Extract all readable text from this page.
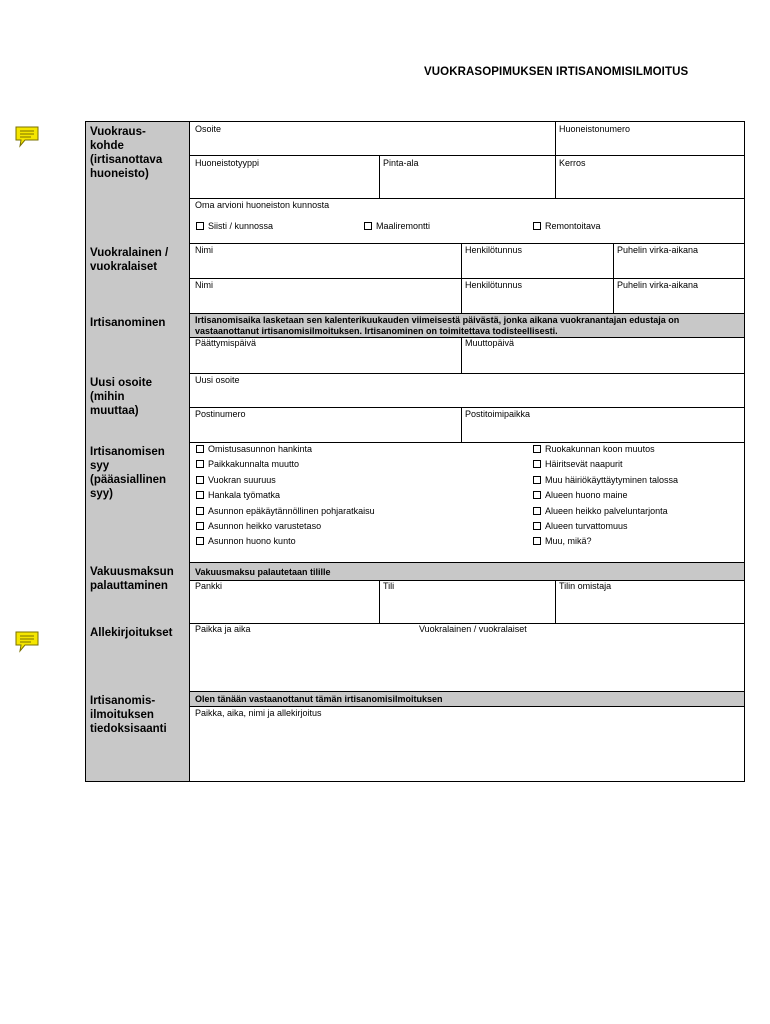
VUOKRASOPIMUKSEN IRTISANOMISILMOITUS
Vuokraus-
kohde
(irtisanottava
huoneisto)
Osoite	Huoneistonumero
Huoneistotyyppi	Pinta-ala	Kerros
Oma arvioni huoneiston kunnosta
Siisti / kunnossa	Maaliremontti	Remontoitava
Vuokralainen /
vuokralaiset
Nimi	Henkilötunnus	Puhelin virka-aikana
Nimi	Henkilötunnus	Puhelin virka-aikana
Irtisanominen	Irtisanomisaika lasketaan sen kalenterikuukauden viimeisestä päivästä, jonka aikana vuokranantajan edustaja on vastaanottanut irtisanomisilmoituksen. Irtisanominen on toimitettava todisteellisesti.
Päättymispäivä	Muuttopäivä
Uusi osoite
(mihin
muuttaa)
Uusi osoite
Postinumero	Postitoimipaikka
Irtisanomisen
syy
(pääasiallinen
syy)
Omistusasunnon hankinta
Paikkakunnalta muutto
Vuokran suuruus
Hankala työmatka
Asunnon epäkäytännöllinen pohjaratkaisu
Asunnon heikko varustetaso
Asunnon huono kunto
Ruokakunnan koon muutos
Häiritsevät naapurit
Muu häiriökäyttäytyminen talossa
Alueen huono maine
Alueen heikko palveluntarjonta
Alueen turvattomuus
Muu, mikä?
Vakuusmaksun
palauttaminen
Vakuusmaksu palautetaan tilille
Pankki	Tili	Tilin omistaja
Allekirjoitukset	Paikka ja aika	Vuokralainen / vuokralaiset
Irtisanomis-
ilmoituksen
tiedoksisaanti
Olen tänään vastaanottanut tämän irtisanomisilmoituksen
Paikka, aika, nimi ja allekirjoitus
